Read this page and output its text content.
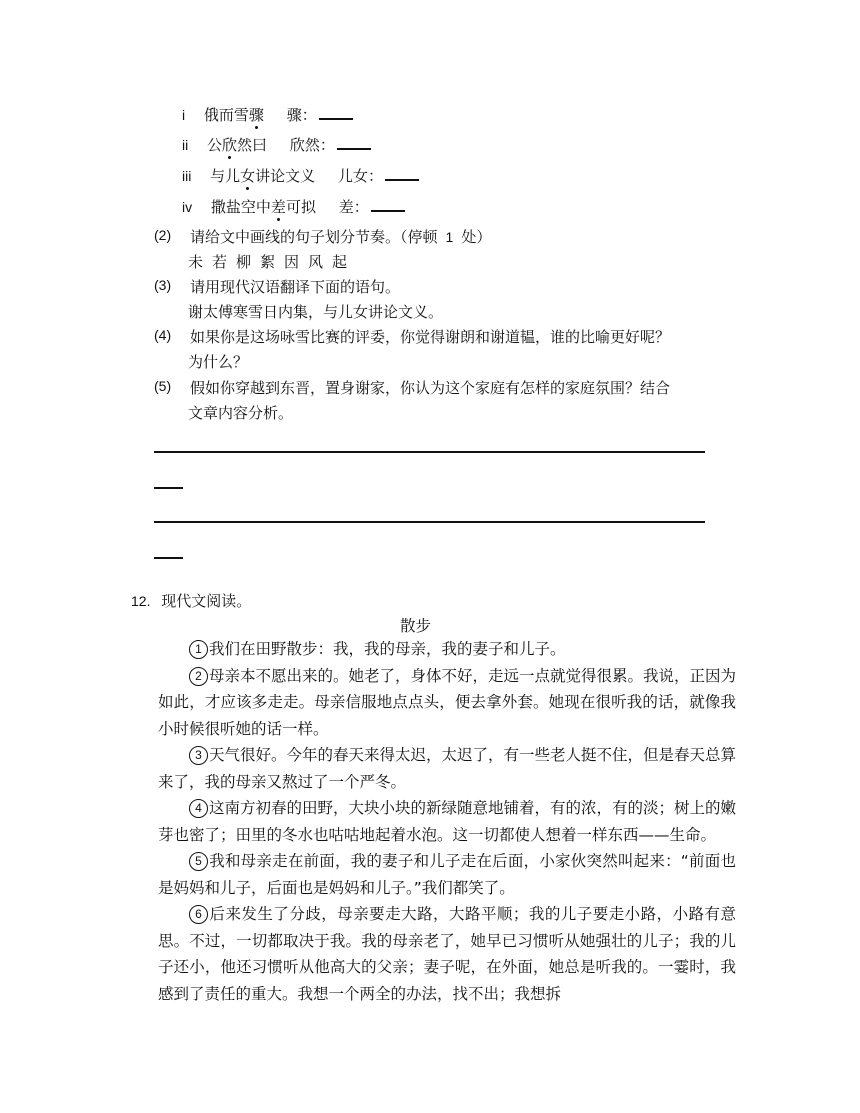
i 俄而雪骤 骤：
ii 公欣然曰 欣然：
iii 与儿女讲论文义 儿女：
iv 撒盐空中差可拟 差：
(2) 请给文中画线的句子划分节奏。（停顿 1 处）
未若柳絮因风起
(3) 请用现代汉语翻译下面的语句。
谢太傅寒雪日内集，与儿女讲论文义。
(4) 如果你是这场咏雪比赛的评委，你觉得谢朗和谢道韫，谁的比喻更好呢？
为什么？
(5) 假如你穿越到东晋，置身谢家，你认为这个家庭有怎样的家庭氛围？结合
文章内容分析。
12. 现代文阅读。
散步

1 我们在田野散步：我，我的母亲，我的妻子和儿子。

2 母亲本不愿出来的。她老了，身体不好，走远一点就觉得很累。我说，正因为如此，才应该多走走。母亲信服地点点头，便去拿外套。她现在很听我的话，就像我小时候很听她的话一样。

3 天气很好。今年的春天来得太迟，太迟了，有一些老人挺不住，但是春天总算来了，我的母亲又熬过了一个严冬。

4 这南方初春的田野，大块小块的新绿随意地铺着，有的浓，有的淡；树上的嫩芽也密了；田里的冬水也咕咕地起着水泡。这一切都使人想着一样东西——生命。

5 我和母亲走在前面，我的妻子和儿子走在后面，小家伙突然叫起来：“前面也是妈妈和儿子，后面也是妈妈和儿子。”我们都笑了。

6 后来发生了分歧，母亲要走大路，大路平顺；我的儿子要走小路，小路有意思。不过，一切都取决于我。我的母亲老了，她早已习惯听从她强壮的儿子；我的儿子还小，他还习惯听从他高大的父亲；妻子呢，在外面，她总是听我的。一霎时，我感到了责任的重大。我想一个两全的办法，找不出；我想拆
